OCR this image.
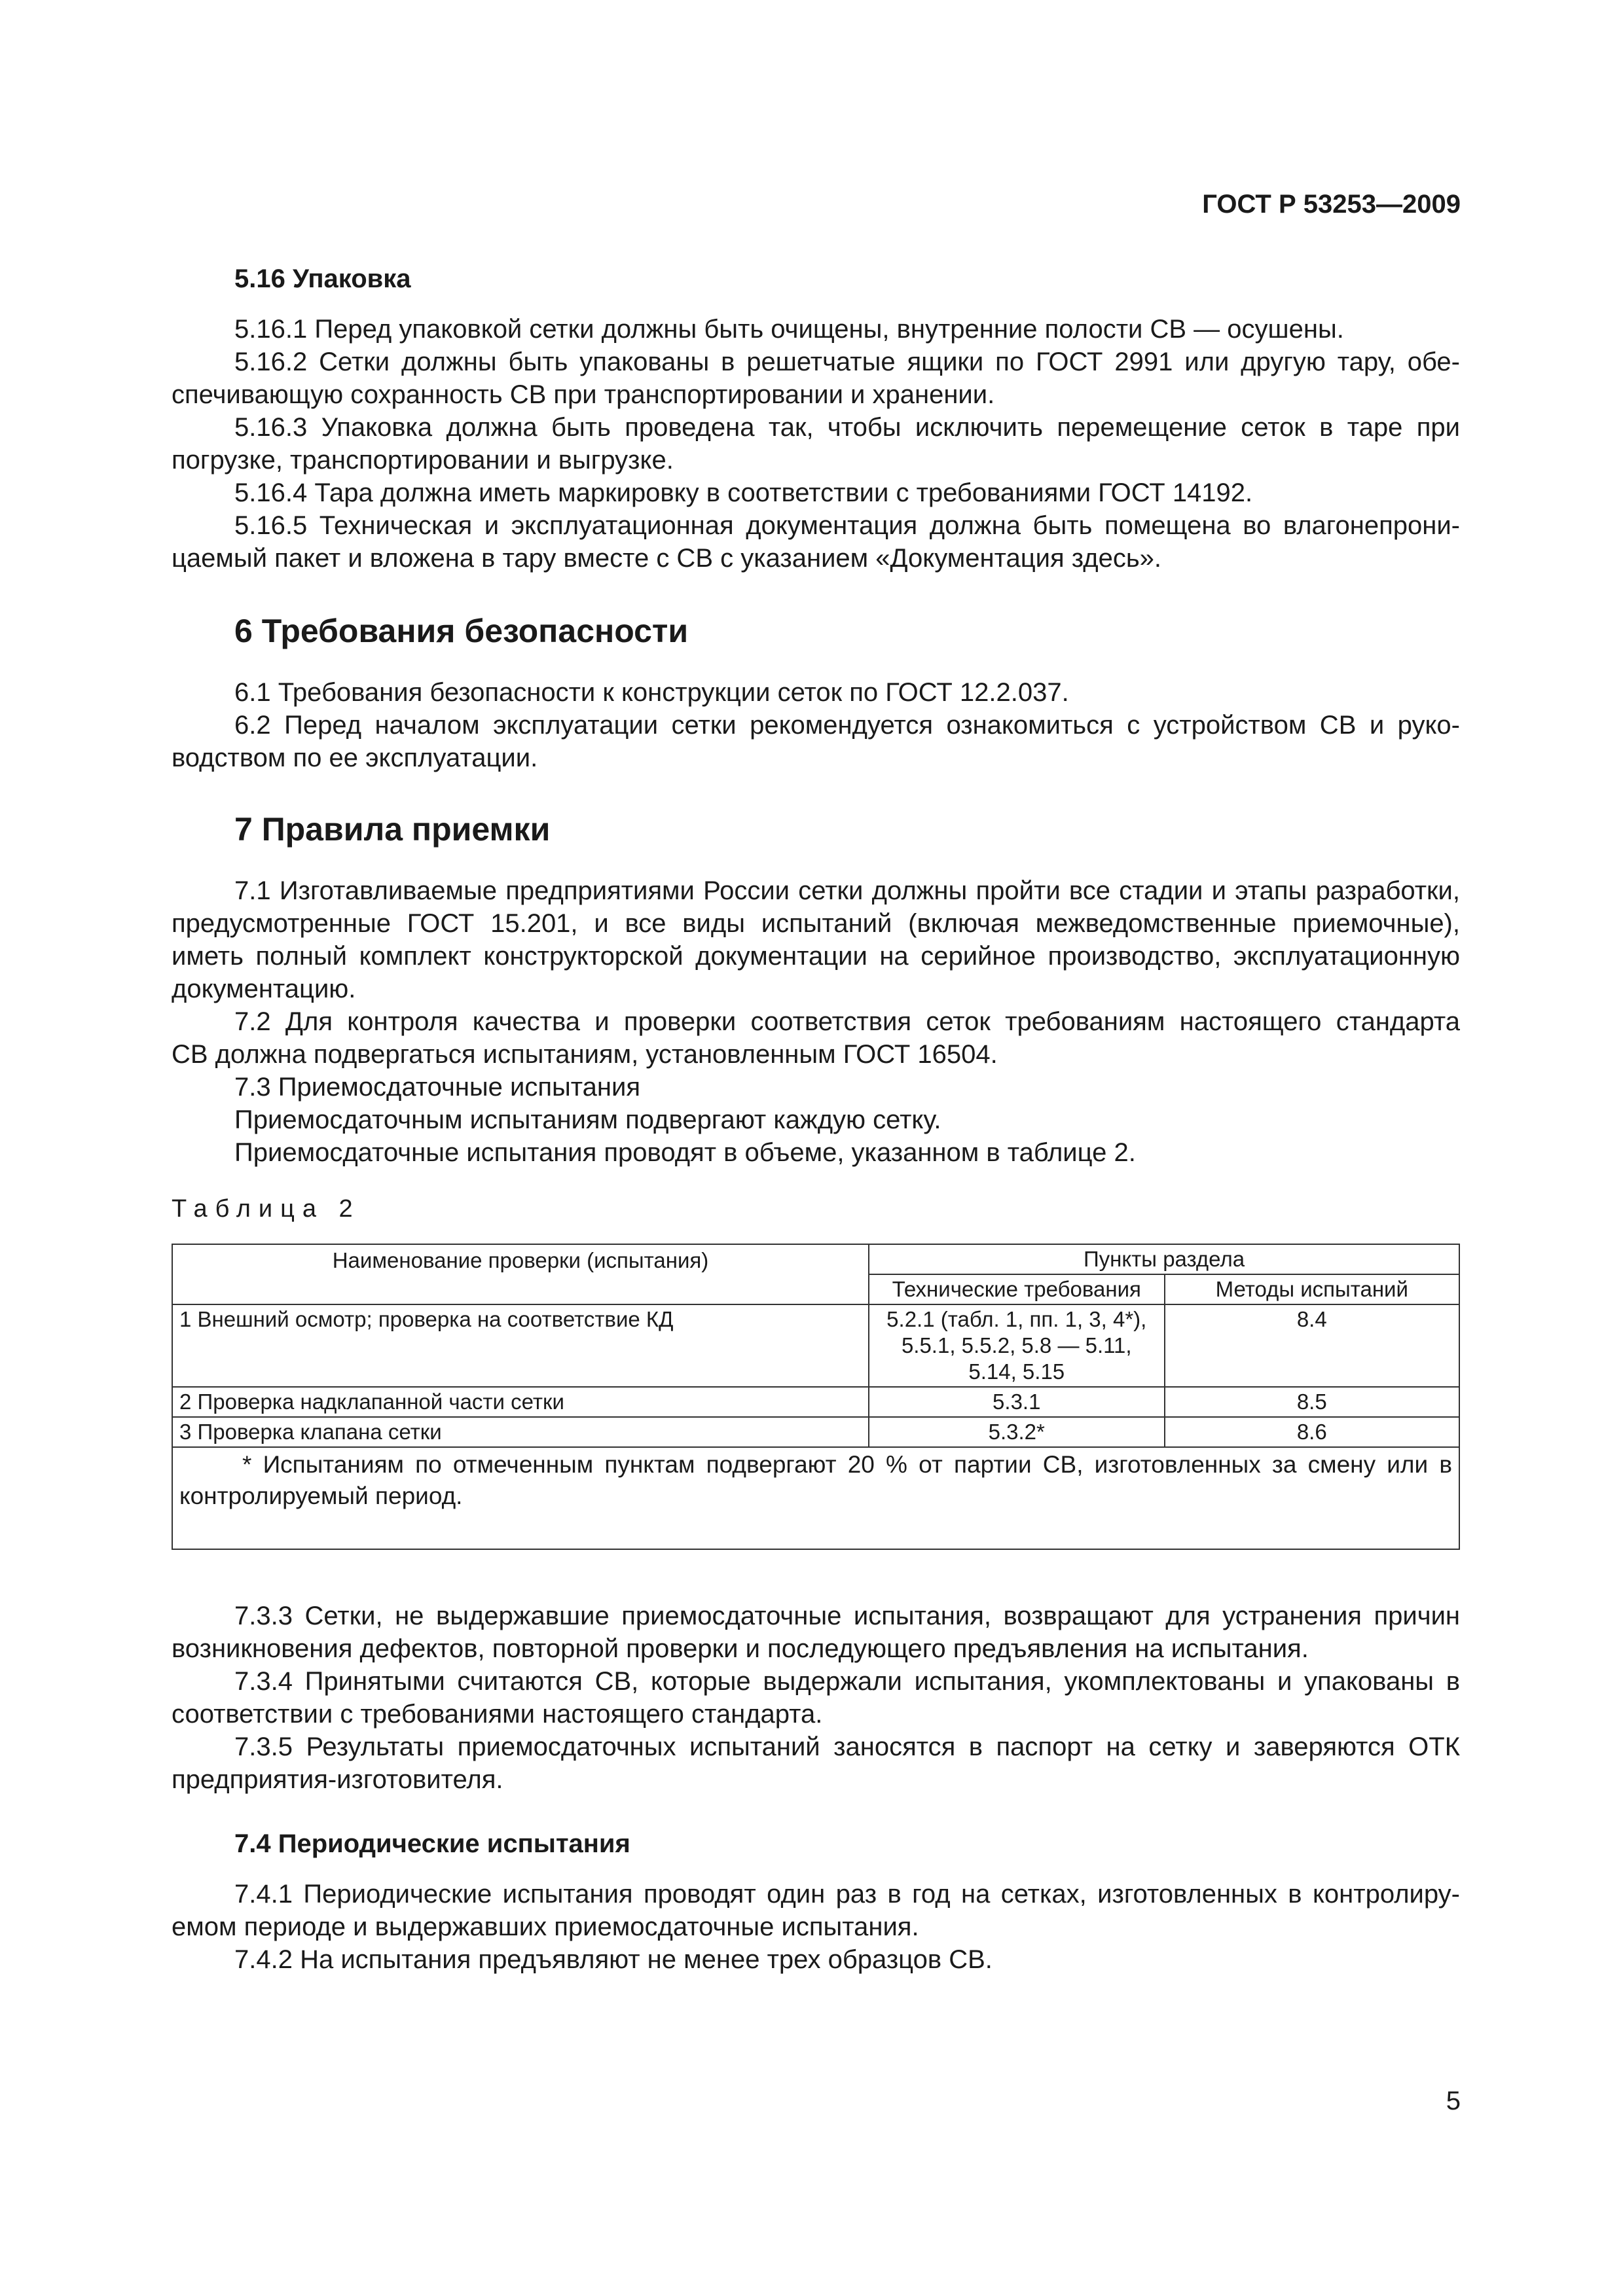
ГОСТ Р 53253—2009
5.16 Упаковка
5.16.1 Перед упаковкой сетки должны быть очищены, внутренние полости СВ — осушены.
5.16.2 Сетки должны быть упакованы в решетчатые ящики по ГОСТ 2991 или другую тару, обе-
спечивающую сохранность СВ при транспортировании и хранении.
5.16.3 Упаковка должна быть проведена так, чтобы исключить перемещение сеток в таре при
погрузке, транспортировании и выгрузке.
5.16.4 Тара должна иметь маркировку в соответствии с требованиями ГОСТ 14192.
5.16.5 Техническая и эксплуатационная документация должна быть помещена во влагонепрони-
цаемый пакет и вложена в тару вместе с СВ с указанием «Документация здесь».
6 Требования безопасности
6.1 Требования безопасности к конструкции сеток по ГОСТ 12.2.037.
6.2 Перед началом эксплуатации сетки рекомендуется ознакомиться с устройством СВ и руко-
водством по ее эксплуатации.
7 Правила приемки
7.1 Изготавливаемые предприятиями России сетки должны пройти все стадии и этапы разработки,
предусмотренные ГОСТ 15.201, и все виды испытаний (включая межведомственные приемочные),
иметь полный комплект конструкторской документации на серийное производство, эксплуатационную
документацию.
7.2 Для контроля качества и проверки соответствия сеток требованиям настоящего стандарта
СВ должна подвергаться испытаниям, установленным ГОСТ 16504.
7.3 Приемосдаточные испытания
Приемосдаточным испытаниям подвергают каждую сетку.
Приемосдаточные испытания проводят в объеме, указанном в таблице 2.
Таблица 2
Наименование проверки (испытания)	Пункты раздела	
	Технические требования	Методы испытаний
1 Внешний осмотр; проверка на соответствие КД	5.2.1 (табл. 1, пп. 1, 3, 4*), 5.5.1, 5.5.2, 5.8 — 5.11, 5.14, 5.15	8.4
2 Проверка надклапанной части сетки	5.3.1	8.5
3 Проверка клапана сетки	5.3.2*	8.6
* Испытаниям по отмеченным пунктам подвергают 20 % от партии СВ, изготовленных за смену или в контролируемый период.		
7.3.3 Сетки, не выдержавшие приемосдаточные испытания, возвращают для устранения причин
возникновения дефектов, повторной проверки и последующего предъявления на испытания.
7.3.4 Принятыми считаются СВ, которые выдержали испытания, укомплектованы и упакованы в
соответствии с требованиями настоящего стандарта.
7.3.5 Результаты приемосдаточных испытаний заносятся в паспорт на сетку и заверяются ОТК
предприятия-изготовителя.
7.4 Периодические испытания
7.4.1 Периодические испытания проводят один раз в год на сетках, изготовленных в контролиру-
емом периоде и выдержавших приемосдаточные испытания.
7.4.2 На испытания предъявляют не менее трех образцов СВ.
5
